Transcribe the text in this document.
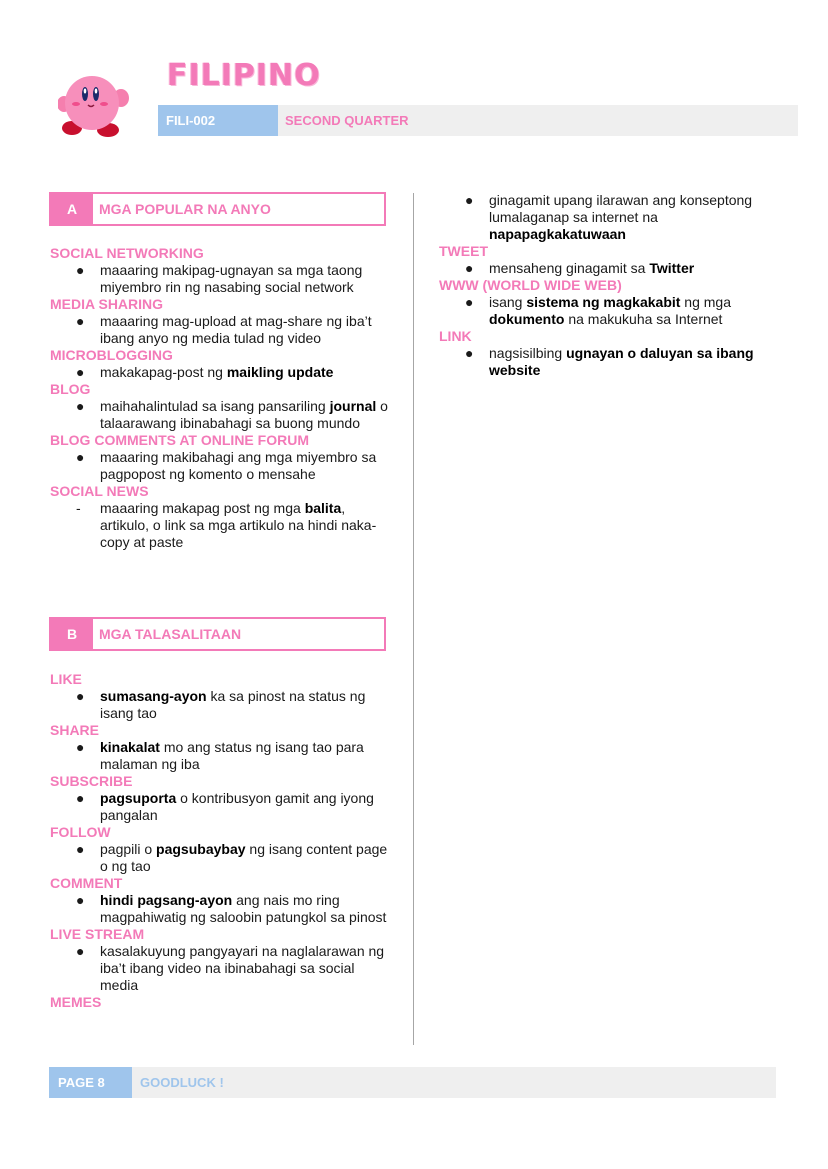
FILIPINO
FILI-002	SECOND QUARTER
A	MGA POPULAR NA ANYO
SOCIAL NETWORKING
● maaaring makipag-ugnayan sa mga taong miyembro rin ng nasabing social network
MEDIA SHARING
● maaaring mag-upload at mag-share ng iba’t ibang anyo ng media tulad ng video
MICROBLOGGING
● makakapag-post ng maikling update
BLOG
● maihahalintulad sa isang pansariling journal o talaarawang ibinabahagi sa buong mundo
BLOG COMMENTS AT ONLINE FORUM
● maaaring makibahagi ang mga miyembro sa pagpopost ng komento o mensahe
SOCIAL NEWS
- maaaring makapag post ng mga balita, artikulo, o link sa mga artikulo na hindi naka-copy at paste
B	MGA TALASALITAAN
LIKE
● sumasang-ayon ka sa pinost na status ng isang tao
SHARE
● kinakalat mo ang status ng isang tao para malaman ng iba
SUBSCRIBE
● pagsuporta o kontribusyon gamit ang iyong pangalan
FOLLOW
● pagpili o pagsubaybay ng isang content page o ng tao
COMMENT
● hindi pagsang-ayon ang nais mo ring magpahiwatig ng saloobin patungkol sa pinost
LIVE STREAM
● kasalakuyung pangyayari na naglalarawan ng iba’t ibang video na ibinabahagi sa social media
MEMES
● ginagamit upang ilarawan ang konseptong lumalaganap sa internet na napapagkakatuwaan
TWEET
● mensaheng ginagamit sa Twitter
WWW (WORLD WIDE WEB)
● isang sistema ng magkakabit ng mga dokumento na makukuha sa Internet
LINK
● nagsisilbing ugnayan o daluyan sa ibang website
PAGE 8	GOODLUCK !
